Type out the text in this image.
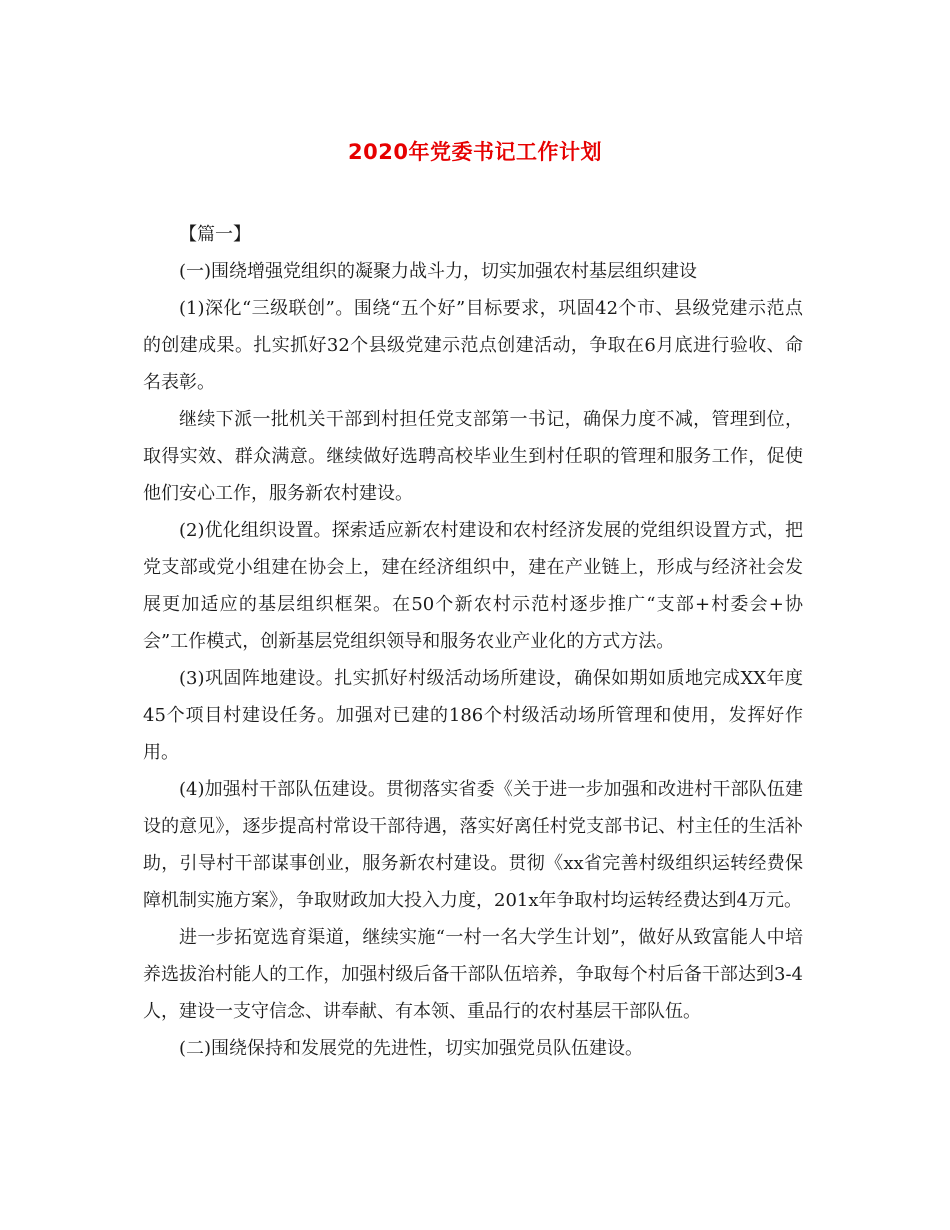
2020年党委书记工作计划

【篇一】

(一)围绕增强党组织的凝聚力战斗力，切实加强农村基层组织建设

(1)深化“三级联创”。围绕“五个好”目标要求，巩固42个市、县级党建示范点的创建成果。扎实抓好32个县级党建示范点创建活动，争取在6月底进行验收、命名表彰。

继续下派一批机关干部到村担任党支部第一书记，确保力度不减，管理到位，取得实效、群众满意。继续做好选聘高校毕业生到村任职的管理和服务工作，促使他们安心工作，服务新农村建设。

(2)优化组织设置。探索适应新农村建设和农村经济发展的党组织设置方式，把党支部或党小组建在协会上，建在经济组织中，建在产业链上，形成与经济社会发展更加适应的基层组织框架。在50个新农村示范村逐步推广“支部+村委会+协会”工作模式，创新基层党组织领导和服务农业产业化的方式方法。

(3)巩固阵地建设。扎实抓好村级活动场所建设，确保如期如质地完成XX年度45个项目村建设任务。加强对已建的186个村级活动场所管理和使用，发挥好作用。

(4)加强村干部队伍建设。贯彻落实省委《关于进一步加强和改进村干部队伍建设的意见》，逐步提高村常设干部待遇，落实好离任村党支部书记、村主任的生活补助，引导村干部谋事创业，服务新农村建设。贯彻《xx省完善村级组织运转经费保障机制实施方案》，争取财政加大投入力度，201x年争取村均运转经费达到4万元。

进一步拓宽选育渠道，继续实施“一村一名大学生计划”，做好从致富能人中培养选拔治村能人的工作，加强村级后备干部队伍培养，争取每个村后备干部达到3-4人，建设一支守信念、讲奉献、有本领、重品行的农村基层干部队伍。

(二)围绕保持和发展党的先进性，切实加强党员队伍建设。
